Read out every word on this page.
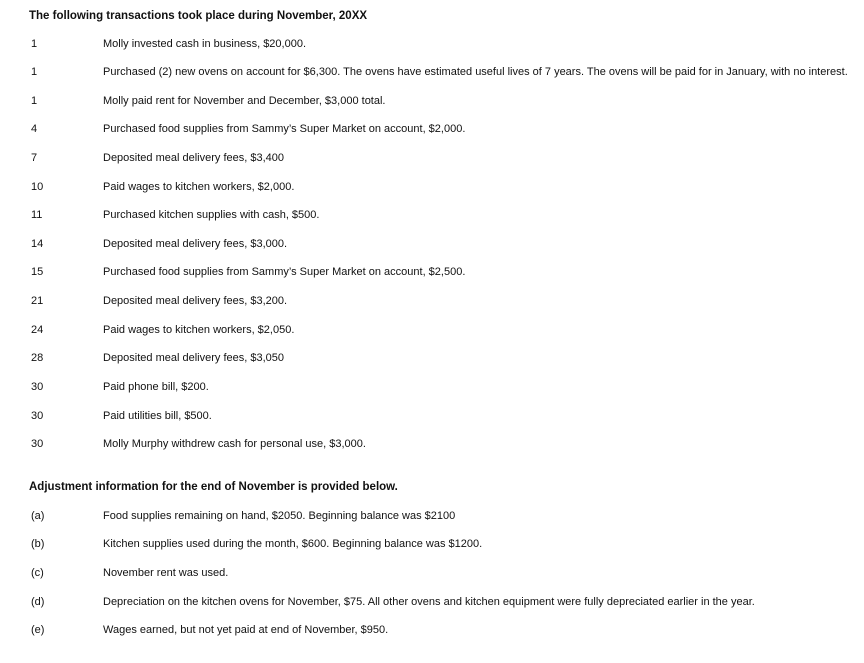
The following transactions took place during November, 20XX
1	Molly invested cash in business, $20,000.
1	Purchased (2) new ovens on account for $6,300. The ovens have estimated useful lives of 7 years. The ovens will be paid for in January, with no interest.
1	Molly paid rent for November and December, $3,000 total.
4	Purchased food supplies from Sammy’s Super Market on account, $2,000.
7	Deposited meal delivery fees, $3,400
10	Paid wages to kitchen workers, $2,000.
11	Purchased kitchen supplies with cash, $500.
14	Deposited meal delivery fees, $3,000.
15	Purchased food supplies from Sammy’s Super Market on account, $2,500.
21	Deposited meal delivery fees, $3,200.
24	Paid wages to kitchen workers, $2,050.
28	Deposited meal delivery fees, $3,050
30	Paid phone bill, $200.
30	Paid utilities bill, $500.
30	Molly Murphy withdrew cash for personal use, $3,000.
Adjustment information for the end of November is provided below.
(a)	Food supplies remaining on hand, $2050. Beginning balance was $2100
(b)	Kitchen supplies used during the month, $600. Beginning balance was $1200.
(c)	November rent was used.
(d)	Depreciation on the kitchen ovens for November, $75. All other ovens and kitchen equipment were fully depreciated earlier in the year.
(e)	Wages earned, but not yet paid at end of November, $950.
